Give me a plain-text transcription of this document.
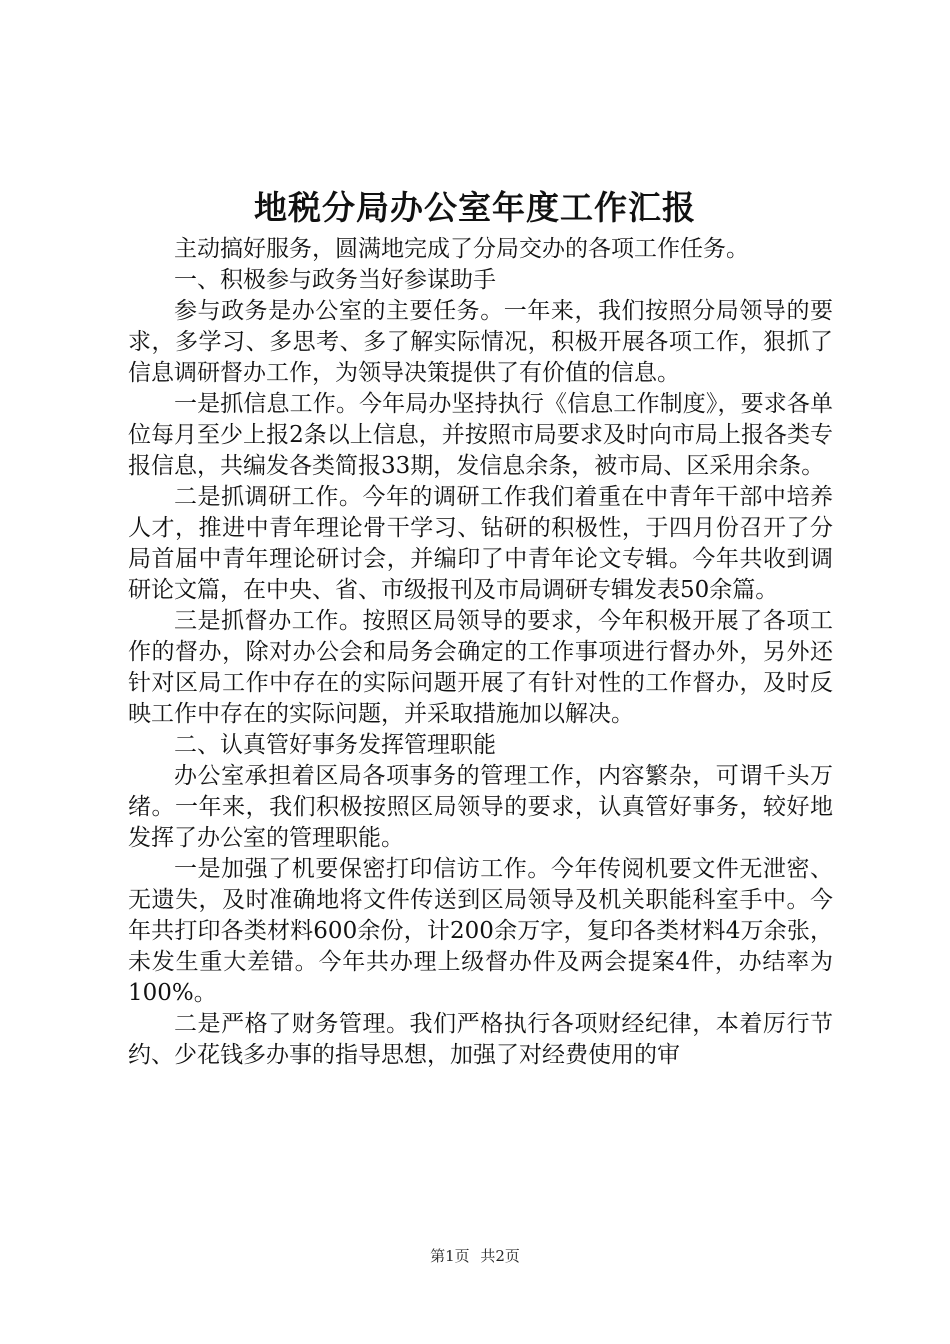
地税分局办公室年度工作汇报

主动搞好服务，圆满地完成了分局交办的各项工作任务。

一、积极参与政务当好参谋助手

参与政务是办公室的主要任务。一年来，我们按照分局领导的要求，多学习、多思考、多了解实际情况，积极开展各项工作，狠抓了信息调研督办工作，为领导决策提供了有价值的信息。

一是抓信息工作。今年局办坚持执行《信息工作制度》，要求各单位每月至少上报2条以上信息，并按照市局要求及时向市局上报各类专报信息，共编发各类简报33期，发信息余条，被市局、区采用余条。

二是抓调研工作。今年的调研工作我们着重在中青年干部中培养人才，推进中青年理论骨干学习、钻研的积极性，于四月份召开了分局首届中青年理论研讨会，并编印了中青年论文专辑。今年共收到调研论文篇，在中央、省、市级报刊及市局调研专辑发表50余篇。

三是抓督办工作。按照区局领导的要求，今年积极开展了各项工作的督办，除对办公会和局务会确定的工作事项进行督办外，另外还针对区局工作中存在的实际问题开展了有针对性的工作督办，及时反映工作中存在的实际问题，并采取措施加以解决。

二、认真管好事务发挥管理职能

办公室承担着区局各项事务的管理工作，内容繁杂，可谓千头万绪。一年来，我们积极按照区局领导的要求，认真管好事务，较好地发挥了办公室的管理职能。

一是加强了机要保密打印信访工作。今年传阅机要文件无泄密、无遗失，及时准确地将文件传送到区局领导及机关职能科室手中。今年共打印各类材料600余份，计200余万字，复印各类材料4万余张，未发生重大差错。今年共办理上级督办件及两会提案4件，办结率为100%。

二是严格了财务管理。我们严格执行各项财经纪律，本着厉行节约、少花钱多办事的指导思想，加强了对经费使用的审

第1页 共2页
